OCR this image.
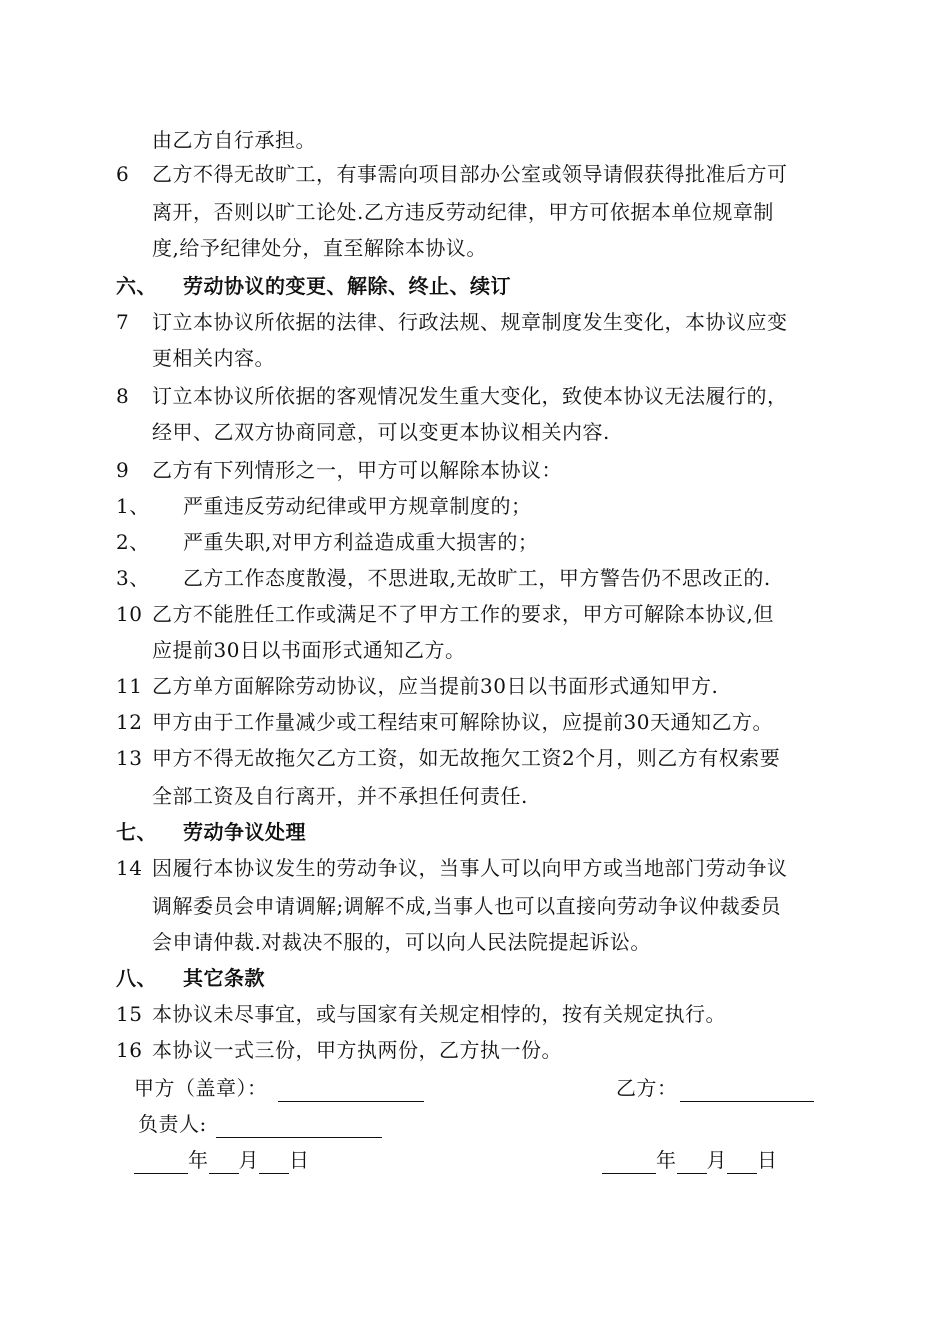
由乙方自行承担。
6 乙方不得无故旷工，有事需向项目部办公室或领导请假获得批准后方可
离开，否则以旷工论处.乙方违反劳动纪律，甲方可依据本单位规章制
度,给予纪律处分，直至解除本协议。
六、 劳动协议的变更、解除、终止、续订
7 订立本协议所依据的法律、行政法规、规章制度发生变化，本协议应变
更相关内容。
8 订立本协议所依据的客观情况发生重大变化，致使本协议无法履行的，
经甲、乙双方协商同意，可以变更本协议相关内容.
9 乙方有下列情形之一，甲方可以解除本协议：
1、 严重违反劳动纪律或甲方规章制度的；
2、 严重失职,对甲方利益造成重大损害的；
3、 乙方工作态度散漫，不思进取,无故旷工，甲方警告仍不思改正的.
10 乙方不能胜任工作或满足不了甲方工作的要求，甲方可解除本协议,但
应提前30日以书面形式通知乙方。
11 乙方单方面解除劳动协议，应当提前30日以书面形式通知甲方.
12 甲方由于工作量减少或工程结束可解除协议，应提前30天通知乙方。
13 甲方不得无故拖欠乙方工资，如无故拖欠工资2个月，则乙方有权索要
全部工资及自行离开，并不承担任何责任.
七、 劳动争议处理
14 因履行本协议发生的劳动争议，当事人可以向甲方或当地部门劳动争议
调解委员会申请调解;调解不成,当事人也可以直接向劳动争议仲裁委员
会申请仲裁.对裁决不服的，可以向人民法院提起诉讼。
八、 其它条款
15 本协议未尽事宜，或与国家有关规定相悖的，按有关规定执行。
16 本协议一式三份，甲方执两份，乙方执一份。
甲方（盖章）：	乙方：
负责人:
年 月 日	年 月 日
